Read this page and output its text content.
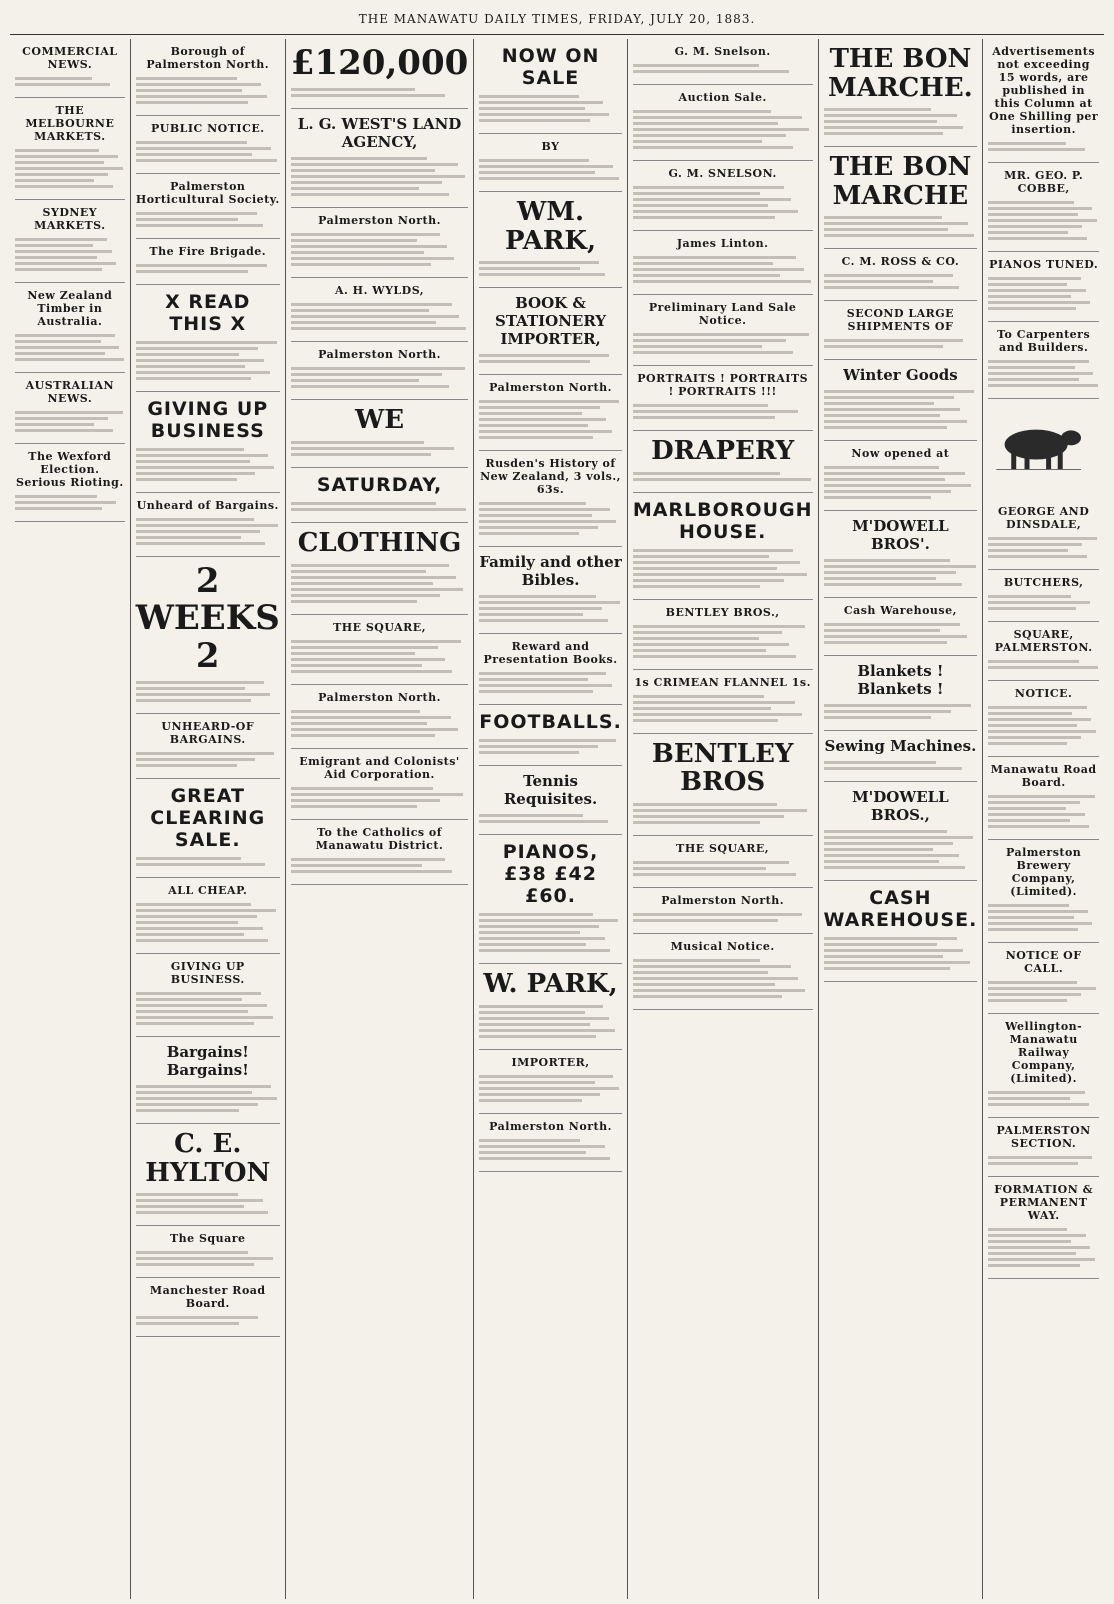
THE MANAWATU DAILY TIMES, FRIDAY, JULY 20, 1883.
COMMERCIAL NEWS.
THE MELBOURNE MARKETS.
SYDNEY MARKETS.
New Zealand Timber in Australia.
AUSTRALIAN NEWS.
The Wexford Election. Serious Rioting.
Borough of Palmerston North.
PUBLIC NOTICE.
Palmerston Horticultural Society.
The Fire Brigade.
X READ THIS X
GIVING UP BUSINESS
Unheard of Bargains.
2 WEEKS 2
UNHEARD-OF BARGAINS.
GREAT CLEARING SALE.
ALL CHEAP.
GIVING UP BUSINESS.
Bargains! Bargains!
C. E. HYLTON
The Square
Manchester Road Board.
£120,000
L. G. WEST'S LAND AGENCY,
Palmerston North.
A. H. WYLDS,
Palmerston North.
WE
SATURDAY,
CLOTHING
THE SQUARE,
Palmerston North.
Emigrant and Colonists' Aid Corporation.
To the Catholics of Manawatu District.
NOW ON SALE
BY
WM. PARK,
BOOK & STATIONERY IMPORTER,
Palmerston North.
Rusden's History of New Zealand, 3 vols., 63s.
Family and other Bibles.
Reward and Presentation Books.
FOOTBALLS.
Tennis Requisites.
PIANOS, £38 £42 £60.
W. PARK,
IMPORTER,
Palmerston North.
G. M. Snelson.
Auction Sale.
G. M. SNELSON.
James Linton.
Preliminary Land Sale Notice.
PORTRAITS ! PORTRAITS ! PORTRAITS !!!
DRAPERY
MARLBOROUGH HOUSE.
BENTLEY BROS.,
1s CRIMEAN FLANNEL 1s.
BENTLEY BROS
THE SQUARE,
Palmerston North.
Musical Notice.
THE BON MARCHE.
THE BON MARCHE
C. M. ROSS & CO.
SECOND LARGE SHIPMENTS OF
Winter Goods
Now opened at
M'DOWELL BROS'.
Cash Warehouse,
Blankets ! Blankets !
Sewing Machines.
M'DOWELL BROS.,
CASH WAREHOUSE.
Advertisements not exceeding 15 words, are published in this Column at One Shilling per insertion.
MR. GEO. P. COBBE,
PIANOS TUNED.
To Carpenters and Builders.
GEORGE AND DINSDALE,
BUTCHERS,
SQUARE, PALMERSTON.
NOTICE.
Manawatu Road Board.
Palmerston Brewery Company, (Limited).
NOTICE OF CALL.
Wellington-Manawatu Railway Company, (Limited).
PALMERSTON SECTION.
FORMATION & PERMANENT WAY.
